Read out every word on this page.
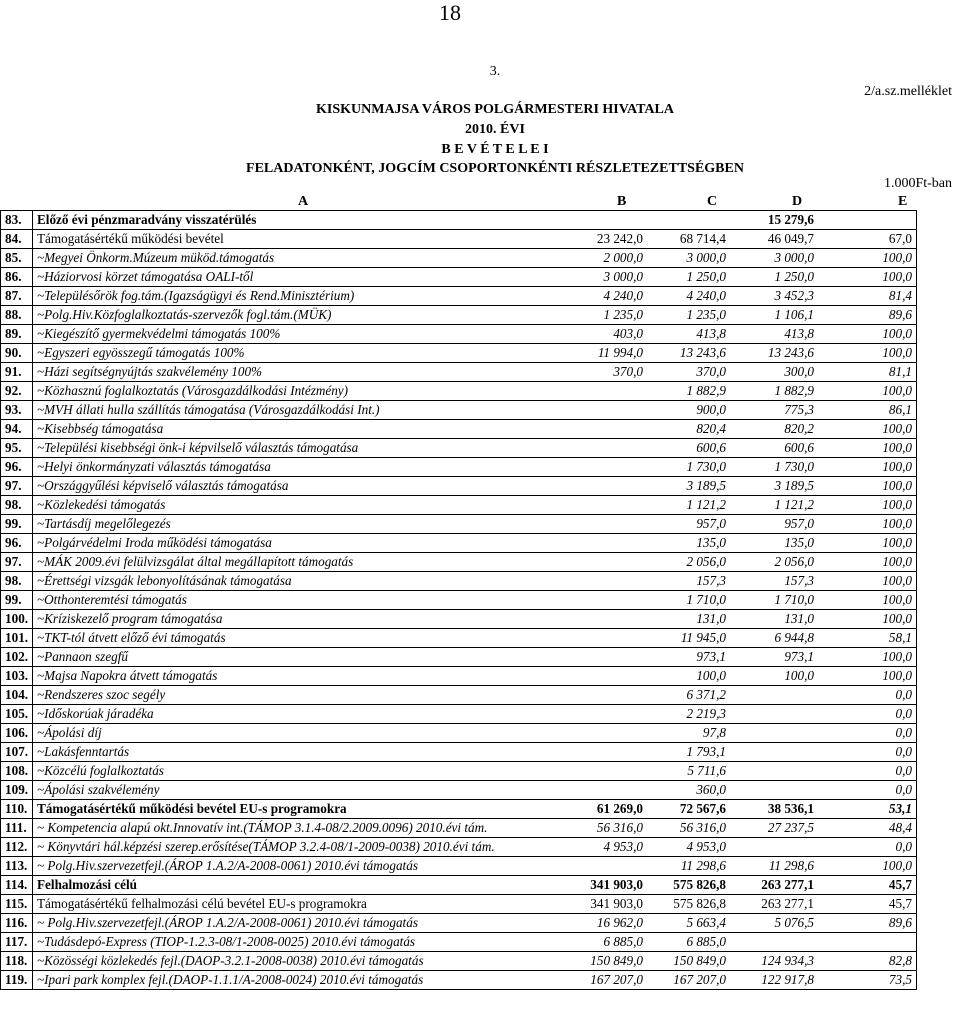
18
3.
2/a.sz.melléklet
KISKUNMAJSA VÁROS POLGÁRMESTERI HIVATALA
2010. ÉVI
B E V É T E L E I
FELADATONKÉNT, JOGCÍM CSOPORTONKÉNTI RÉSZLETEZETTSÉGBEN
1.000Ft-ban
A	B	C	D	E
83.	Előző évi pénzmaradvány visszatérülés			15 279,6	
84.	Támogatásértékű működési bevétel	23 242,0	68 714,4	46 049,7	67,0
85.	~Megyei Önkorm.Múzeum müköd.támogatás	2 000,0	3 000,0	3 000,0	100,0
86.	~Háziorvosi körzet támogatása OALI-től	3 000,0	1 250,0	1 250,0	100,0
87.	~Településőrök fog.tám.(Igazságügyi és Rend.Minisztérium)	4 240,0	4 240,0	3 452,3	81,4
88.	~Polg.Hiv.Közfoglalkoztatás-szervezők fogl.tám.(MÜK)	1 235,0	1 235,0	1 106,1	89,6
89.	~Kiegészítő gyermekvédelmi támogatás 100%	403,0	413,8	413,8	100,0
90.	~Egyszeri egyösszegű támogatás 100%	11 994,0	13 243,6	13 243,6	100,0
91.	~Házi segítségnyújtás szakvélemény 100%	370,0	370,0	300,0	81,1
92.	~Közhasznú foglalkoztatás (Városgazdálkodási Intézmény)		1 882,9	1 882,9	100,0
93.	~MVH állati hulla szállítás támogatása (Városgazdálkodási Int.)		900,0	775,3	86,1
94.	~Kisebbség támogatása		820,4	820,2	100,0
95.	~Települési kisebbségi önk-i képvilselő választás támogatása		600,6	600,6	100,0
96.	~Helyi önkormányzati választás támogatása		1 730,0	1 730,0	100,0
97.	~Országgyűlési képviselő választás támogatása		3 189,5	3 189,5	100,0
98.	~Közlekedési támogatás		1 121,2	1 121,2	100,0
99.	~Tartásdíj megelőlegezés		957,0	957,0	100,0
96.	~Polgárvédelmi Iroda működési támogatása		135,0	135,0	100,0
97.	~MÁK 2009.évi felülvizsgálat által megállapított támogatás		2 056,0	2 056,0	100,0
98.	~Érettségi vizsgák lebonyolításának támogatása		157,3	157,3	100,0
99.	~Otthonteremtési támogatás		1 710,0	1 710,0	100,0
100.	~Kríziskezelő program támogatása		131,0	131,0	100,0
101.	~TKT-tól átvett előző évi támogatás		11 945,0	6 944,8	58,1
102.	~Pannaon szegfű		973,1	973,1	100,0
103.	~Majsa Napokra átvett támogatás		100,0	100,0	100,0
104.	~Rendszeres szoc segély		6 371,2		0,0
105.	~Időskorúak járadéka		2 219,3		0,0
106.	~Ápolási díj		97,8		0,0
107.	~Lakásfenntartás		1 793,1		0,0
108.	~Közcélú foglalkoztatás		5 711,6		0,0
109.	~Ápolási szakvélemény		360,0		0,0
110.	Támogatásértékű működési bevétel EU-s programokra	61 269,0	72 567,6	38 536,1	53,1
111.	~ Kompetencia alapú okt.Innovatív int.(TÁMOP 3.1.4-08/2.2009.0096) 2010.évi tám.	56 316,0	56 316,0	27 237,5	48,4
112.	~ Könyvtári hál.képzési szerep.erősítése(TÁMOP 3.2.4-08/1-2009-0038) 2010.évi tám.	4 953,0	4 953,0		0,0
113.	~ Polg.Hiv.szervezetfejl.(ÁROP 1.A.2/A-2008-0061) 2010.évi támogatás		11 298,6	11 298,6	100,0
114.	Felhalmozási célú	341 903,0	575 826,8	263 277,1	45,7
115.	Támogatásértékű felhalmozási célú bevétel EU-s programokra	341 903,0	575 826,8	263 277,1	45,7
116.	~ Polg.Hiv.szervezetfejl.(ÁROP 1.A.2/A-2008-0061) 2010.évi támogatás	16 962,0	5 663,4	5 076,5	89,6
117.	~Tudásdepó-Express (TIOP-1.2.3-08/1-2008-0025) 2010.évi támogatás	6 885,0	6 885,0		
118.	~Közösségi közlekedés fejl.(DAOP-3.2.1-2008-0038) 2010.évi támogatás	150 849,0	150 849,0	124 934,3	82,8
119.	~Ipari park komplex fejl.(DAOP-1.1.1/A-2008-0024) 2010.évi támogatás	167 207,0	167 207,0	122 917,8	73,5
